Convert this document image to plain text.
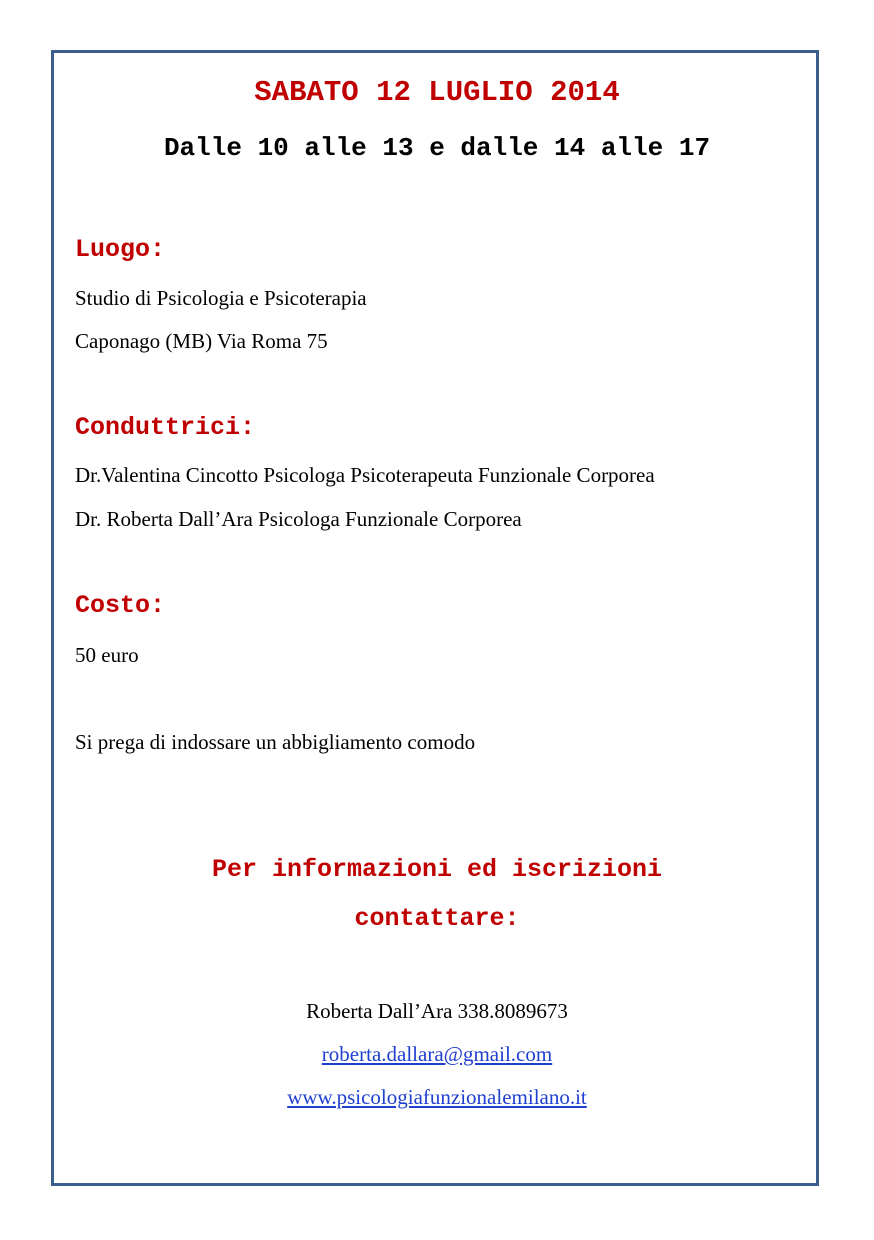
SABATO 12 LUGLIO 2014
Dalle 10 alle 13 e dalle 14 alle 17
Luogo:
Studio di Psicologia e Psicoterapia
Caponago (MB) Via Roma 75
Conduttrici:
Dr.Valentina Cincotto Psicologa Psicoterapeuta Funzionale Corporea
Dr. Roberta Dall’Ara Psicologa Funzionale Corporea
Costo:
50 euro
Si prega di indossare un abbigliamento comodo
Per informazioni ed iscrizioni
contattare:
Roberta Dall’Ara 338.8089673
roberta.dallara@gmail.com
www.psicologiafunzionalemilano.it
